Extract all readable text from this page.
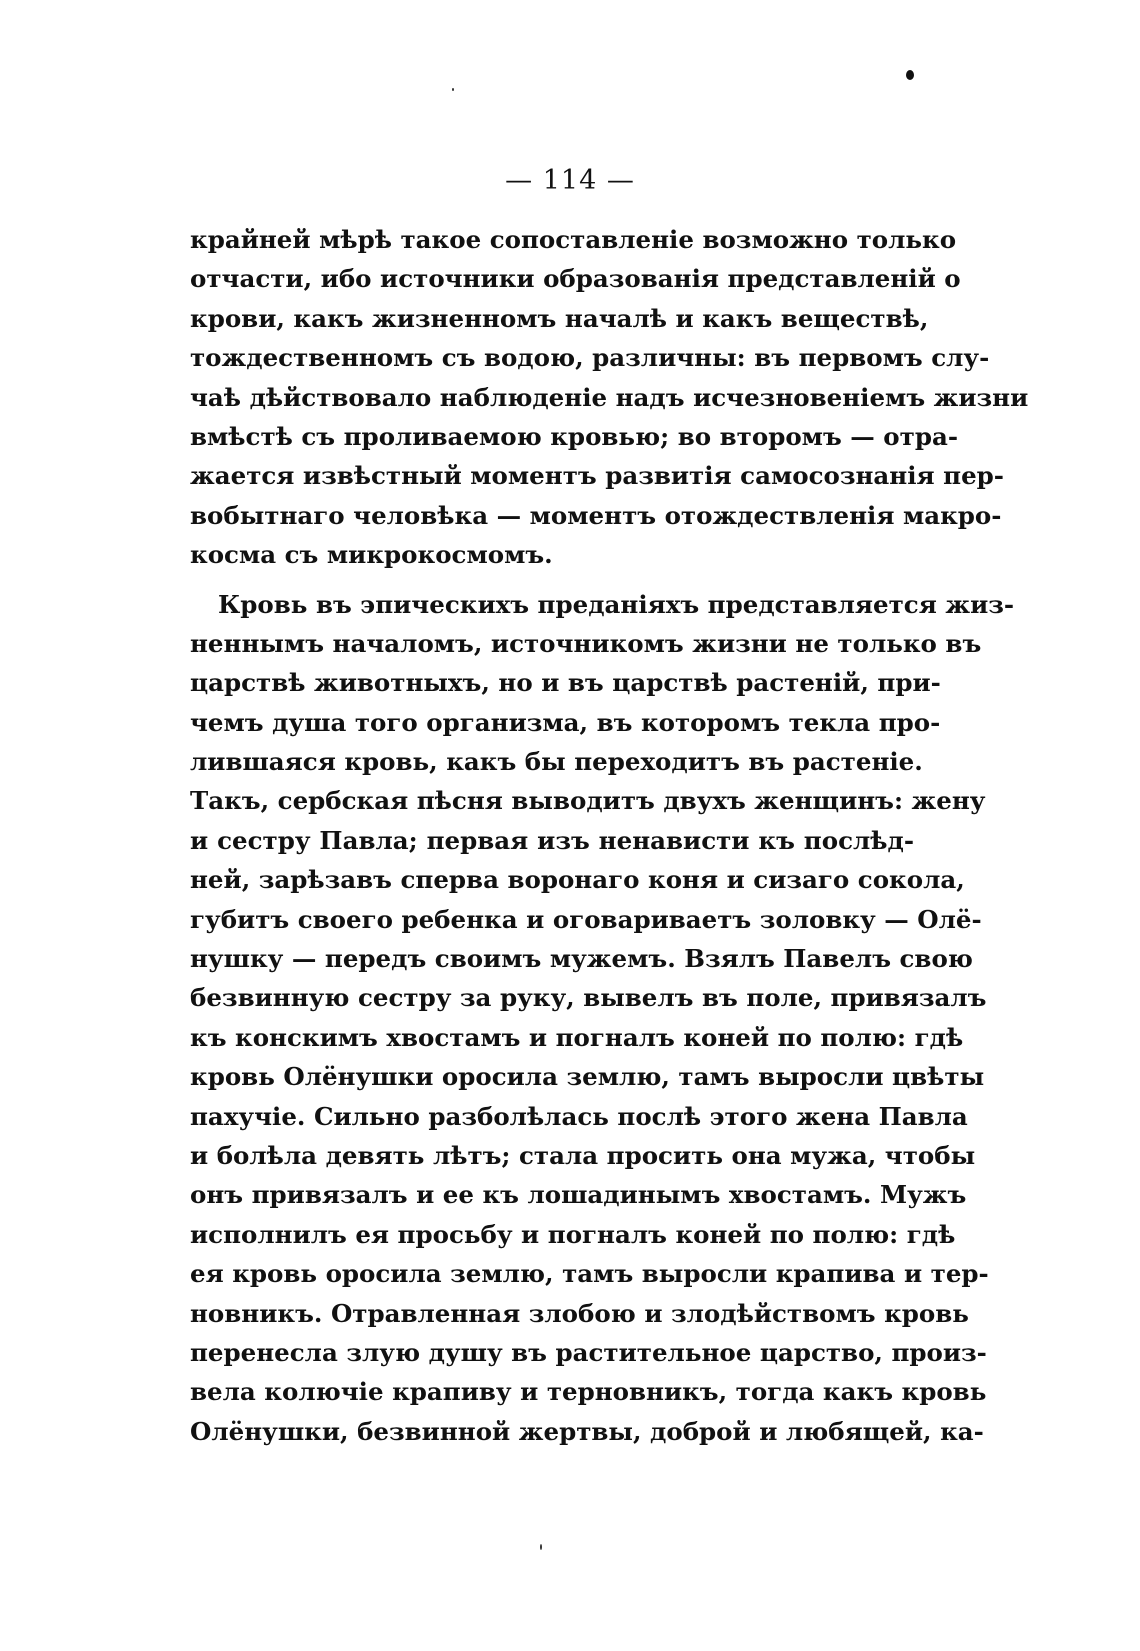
— 114 —
крайней мѣрѣ такое сопоставленіе возможно только
отчасти, ибо источники образованія представленій о
крови, какъ жизненномъ началѣ и какъ веществѣ,
тождественномъ съ водою, различны: въ первомъ слу-
чаѣ дѣйствовало наблюденіе надъ исчезновеніемъ жизни
вмѣстѣ съ проливаемою кровью; во второмъ — отра-
жается извѣстный моментъ развитія самосознанія пер-
вобытнаго человѣка — моментъ отождествленія макро-
космa съ микрокосмомъ.
Кровь въ эпическихъ преданіяхъ представляется жиз-
неннымъ началомъ, источникомъ жизни не только въ
царствѣ животныхъ, но и въ царствѣ растеній, при-
чемъ душа того организма, въ которомъ текла про-
лившаяся кровь, какъ бы переходитъ въ растеніе.
Такъ, сербская пѣсня выводитъ двухъ женщинъ: жену
и сестру Павла; первая изъ ненависти къ послѣд-
ней, зарѣзавъ сперва воронаго коня и сизаго сокола,
губитъ своего ребенка и оговариваетъ золовку — Олё-
нушку — передъ своимъ мужемъ. Взялъ Павелъ свою
безвинную сестру за руку, вывелъ въ поле, привязалъ
къ конскимъ хвостамъ и погналъ коней по полю: гдѣ
кровь Олёнушки оросила землю, тамъ выросли цвѣты
пахучіе. Сильно разболѣлась послѣ этого жена Павла
и болѣла девять лѣтъ; стала просить она мужа, чтобы
онъ привязалъ и ее къ лошадинымъ хвостамъ. Мужъ
исполнилъ ея просьбу и погналъ коней по полю: гдѣ
ея кровь оросила землю, тамъ выросли крапива и тер-
новникъ. Отравленная злобою и злодѣйствомъ кровь
перенесла злую душу въ растительное царство, произ-
вела колючіе крапиву и терновникъ, тогда какъ кровь
Олёнушки, безвинной жертвы, доброй и любящей, ка-
